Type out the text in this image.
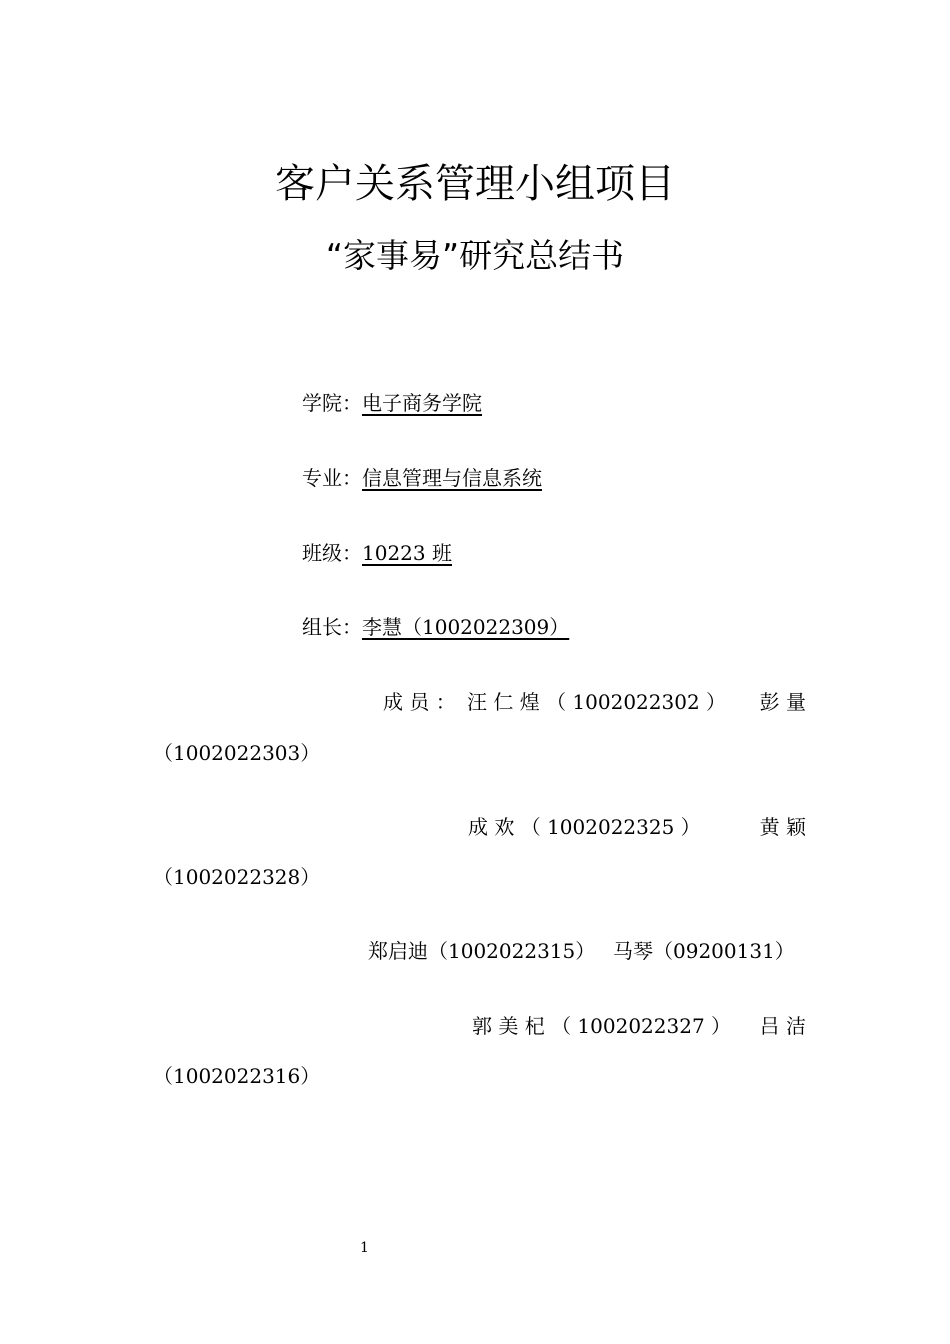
客户关系管理小组项目
“家事易”研究总结书
学院：电子商务学院
专业：信息管理与信息系统
班级：10223 班
组长：李慧（1002022309）
成 员 ： 汪 仁 煌 （ 1002022302 ） 彭 量
（1002022303）
成 欢 （ 1002022325 ）	黄 颖
（1002022328）
郑启迪（1002022315） 马琴（09200131）
郭 美 杞 （ 1002022327 ） 吕 洁
（1002022316）
1
